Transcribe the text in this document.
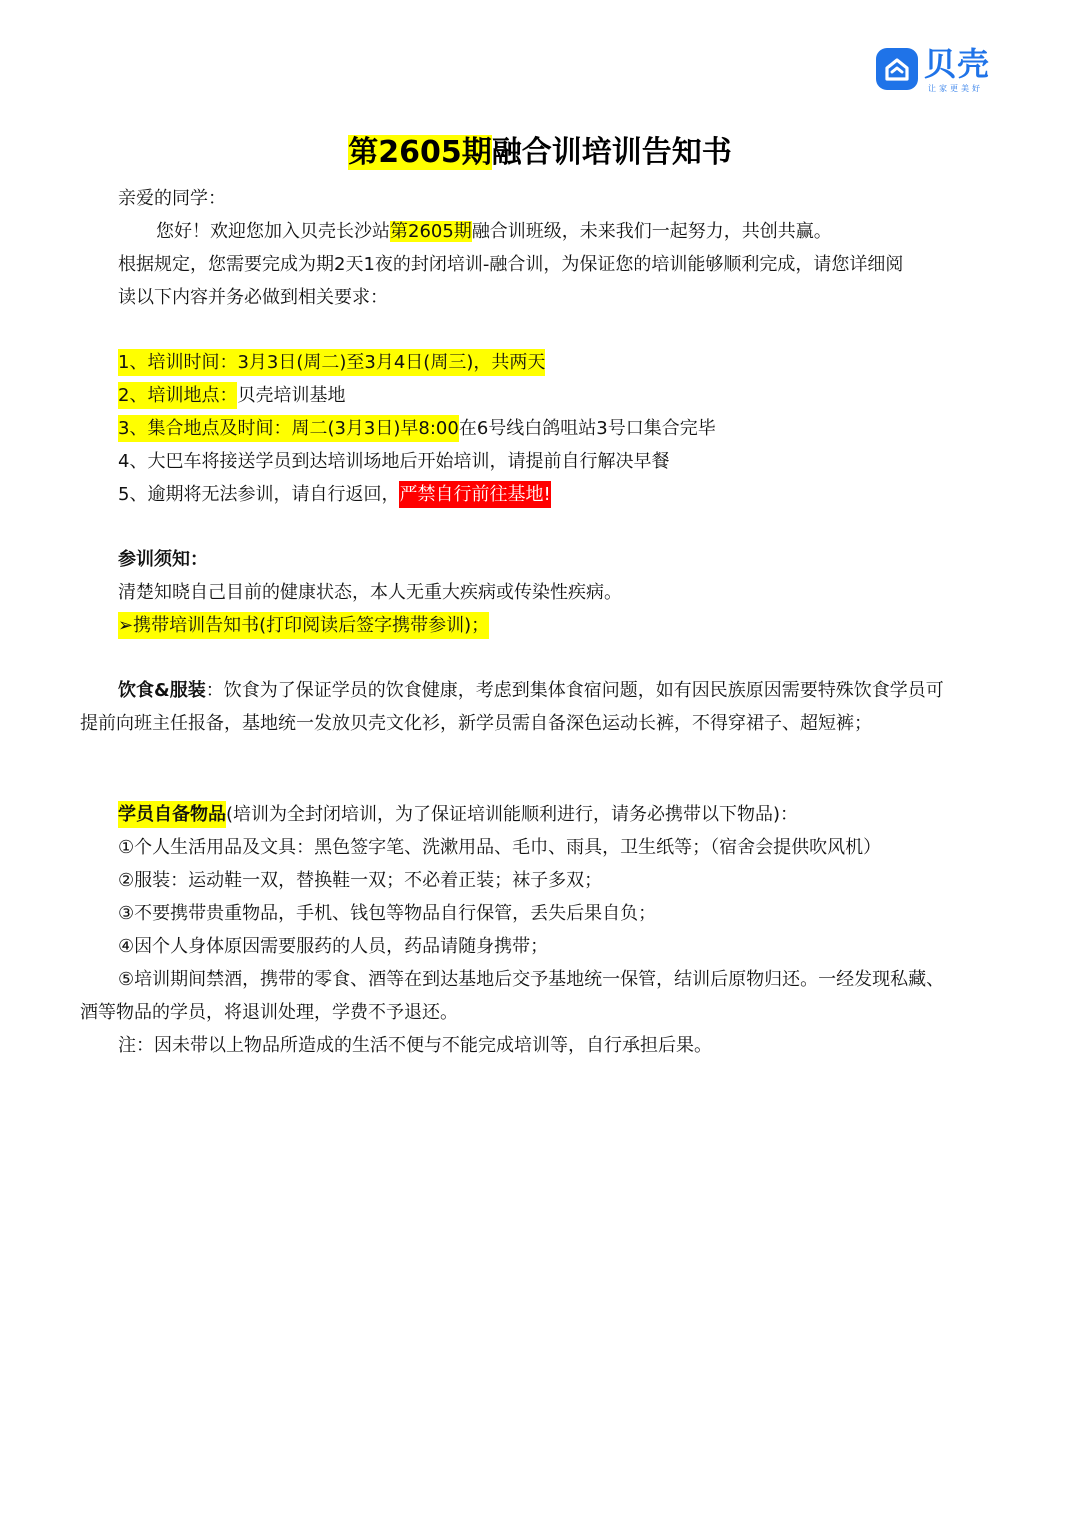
贝壳
让家更美好
第2605期融合训培训告知书
亲爱的同学：
您好！欢迎您加入贝壳长沙站第2605期融合训班级，未来我们一起努力，共创共赢。
根据规定，您需要完成为期2天1夜的封闭培训-融合训，为保证您的培训能够顺利完成，请您详细阅
读以下内容并务必做到相关要求：
1、培训时间：3月3日(周二)至3月4日(周三)，共两天
2、培训地点：贝壳培训基地
3、集合地点及时间：周二(3月3日)早8:00在6号线白鸽咀站3号口集合完毕
4、大巴车将接送学员到达培训场地后开始培训，请提前自行解决早餐
5、逾期将无法参训，请自行返回，严禁自行前往基地!
参训须知：
清楚知晓自己目前的健康状态，本人无重大疾病或传染性疾病。
➢携带培训告知书(打印阅读后签字携带参训)；
饮食&服装：饮食为了保证学员的饮食健康，考虑到集体食宿问题，如有因民族原因需要特殊饮食学员可
提前向班主任报备，基地统一发放贝壳文化衫，新学员需自备深色运动长裤，不得穿裙子、超短裤；
学员自备物品(培训为全封闭培训，为了保证培训能顺利进行，请务必携带以下物品)：
①个人生活用品及文具：黑色签字笔、洗漱用品、毛巾、雨具，卫生纸等；（宿舍会提供吹风机）
②服装：运动鞋一双，替换鞋一双；不必着正装；袜子多双；
③不要携带贵重物品，手机、钱包等物品自行保管，丢失后果自负；
④因个人身体原因需要服药的人员，药品请随身携带；
⑤培训期间禁酒，携带的零食、酒等在到达基地后交予基地统一保管，结训后原物归还。一经发现私藏、
酒等物品的学员，将退训处理，学费不予退还。
注：因未带以上物品所造成的生活不便与不能完成培训等，自行承担后果。
